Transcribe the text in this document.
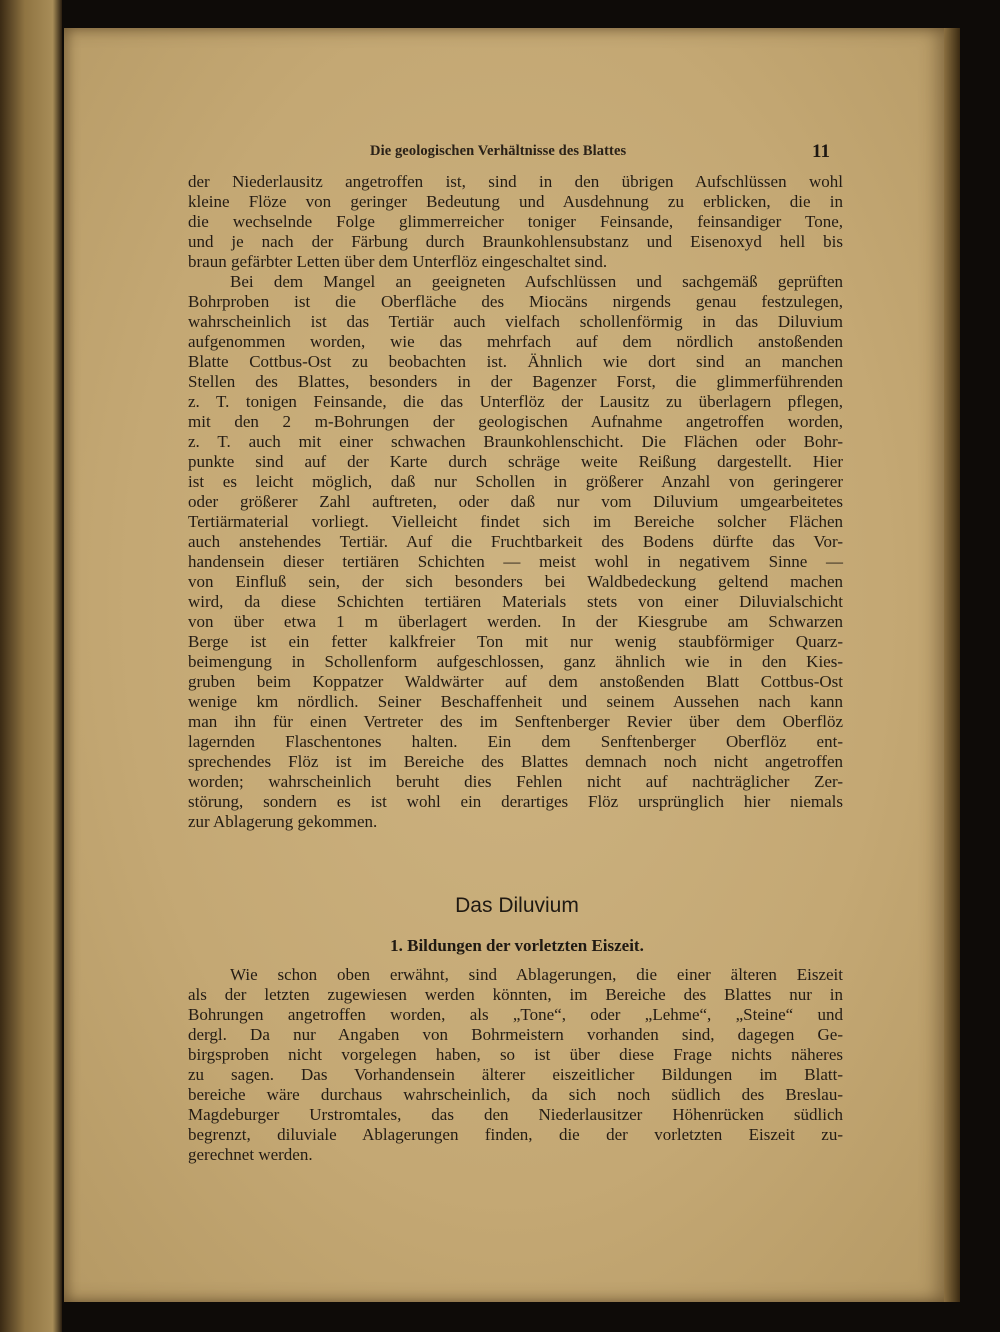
Die geologischen Verhältnisse des Blattes	11
der Niederlausitz angetroffen ist, sind in den übrigen Aufschlüssen wohl
kleine Flöze von geringer Bedeutung und Ausdehnung zu erblicken, die in
die wechselnde Folge glimmerreicher toniger Feinsande, feinsandiger Tone,
und je nach der Färbung durch Braunkohlensubstanz und Eisenoxyd hell bis
braun gefärbter Letten über dem Unterflöz eingeschaltet sind.
Bei dem Mangel an geeigneten Aufschlüssen und sachgemäß geprüften
Bohrproben ist die Oberfläche des Miocäns nirgends genau festzulegen,
wahrscheinlich ist das Tertiär auch vielfach schollenförmig in das Diluvium
aufgenommen worden, wie das mehrfach auf dem nördlich anstoßenden
Blatte Cottbus-Ost zu beobachten ist. Ähnlich wie dort sind an manchen
Stellen des Blattes, besonders in der Bagenzer Forst, die glimmerführenden
z. T. tonigen Feinsande, die das Unterflöz der Lausitz zu überlagern pflegen,
mit den 2 m-Bohrungen der geologischen Aufnahme angetroffen worden,
z. T. auch mit einer schwachen Braunkohlenschicht. Die Flächen oder Bohr-
punkte sind auf der Karte durch schräge weite Reißung dargestellt. Hier
ist es leicht möglich, daß nur Schollen in größerer Anzahl von geringerer
oder größerer Zahl auftreten, oder daß nur vom Diluvium umgearbeitetes
Tertiärmaterial vorliegt. Vielleicht findet sich im Bereiche solcher Flächen
auch anstehendes Tertiär. Auf die Fruchtbarkeit des Bodens dürfte das Vor-
handensein dieser tertiären Schichten — meist wohl in negativem Sinne —
von Einfluß sein, der sich besonders bei Waldbedeckung geltend machen
wird, da diese Schichten tertiären Materials stets von einer Diluvialschicht
von über etwa 1 m überlagert werden. In der Kiesgrube am Schwarzen
Berge ist ein fetter kalkfreier Ton mit nur wenig staubförmiger Quarz-
beimengung in Schollenform aufgeschlossen, ganz ähnlich wie in den Kies-
gruben beim Koppatzer Waldwärter auf dem anstoßenden Blatt Cottbus-Ost
wenige km nördlich. Seiner Beschaffenheit und seinem Aussehen nach kann
man ihn für einen Vertreter des im Senftenberger Revier über dem Oberflöz
lagernden Flaschentones halten. Ein dem Senftenberger Oberflöz ent-
sprechendes Flöz ist im Bereiche des Blattes demnach noch nicht angetroffen
worden; wahrscheinlich beruht dies Fehlen nicht auf nachträglicher Zer-
störung, sondern es ist wohl ein derartiges Flöz ursprünglich hier niemals
zur Ablagerung gekommen.
Das Diluvium
1. Bildungen der vorletzten Eiszeit.
Wie schon oben erwähnt, sind Ablagerungen, die einer älteren Eiszeit
als der letzten zugewiesen werden könnten, im Bereiche des Blattes nur in
Bohrungen angetroffen worden, als „Tone“, oder „Lehme“, „Steine“ und
dergl. Da nur Angaben von Bohrmeistern vorhanden sind, dagegen Ge-
birgsproben nicht vorgelegen haben, so ist über diese Frage nichts näheres
zu sagen. Das Vorhandensein älterer eiszeitlicher Bildungen im Blatt-
bereiche wäre durchaus wahrscheinlich, da sich noch südlich des Breslau-
Magdeburger Urstromtales, das den Niederlausitzer Höhenrücken südlich
begrenzt, diluviale Ablagerungen finden, die der vorletzten Eiszeit zu-
gerechnet werden.
